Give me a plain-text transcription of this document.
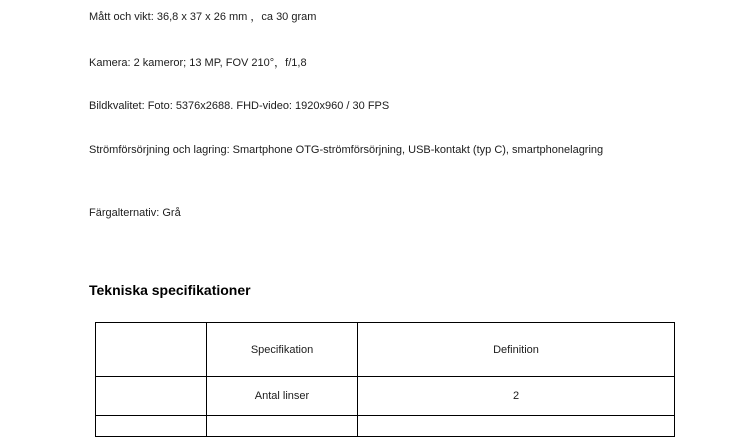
Mått och vikt: 36,8 x 37 x 26 mm ，ca 30 gram

Kamera: 2 kameror; 13 MP, FOV 210°，f/1,8

Bildkvalitet: Foto: 5376x2688. FHD-video: 1920x960 / 30 FPS

Strömförsörjning och lagring: Smartphone OTG-strömförsörjning, USB-kontakt (typ C), smartphonelagring

Färgalternativ: Grå

Tekniska specifikationer
	Specifikation	Definition
	Antal linser	2
